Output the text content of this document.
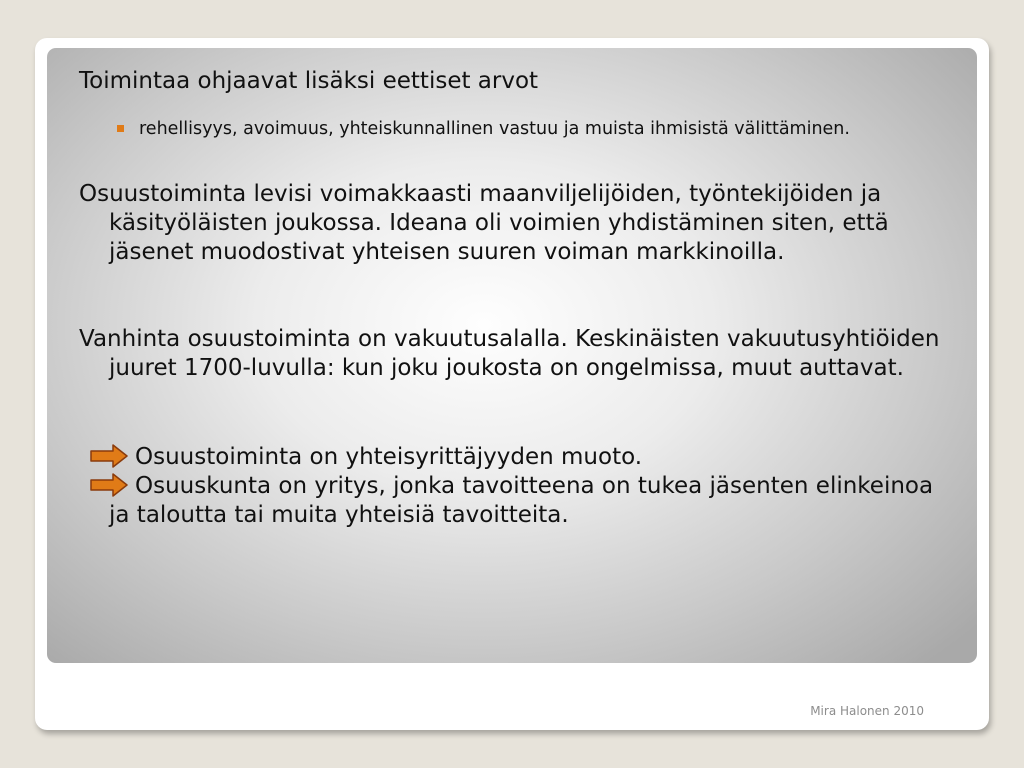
Toimintaa ohjaavat lisäksi eettiset arvot

rehellisyys, avoimuus, yhteiskunnallinen vastuu ja muista ihmisistä välittäminen.

Osuustoiminta levisi voimakkaasti maanviljelijöiden, työntekijöiden ja käsityöläisten joukossa. Ideana oli voimien yhdistäminen siten, että jäsenet muodostivat yhteisen suuren voiman markkinoilla.

Vanhinta osuustoiminta on vakuutusalalla. Keskinäisten vakuutusyhtiöiden juuret 1700-luvulla: kun joku joukosta on ongelmissa, muut auttavat.

Osuustoiminta on yhteisyrittäjyyden muoto.
Osuuskunta on yritys, jonka tavoitteena on tukea jäsenten elinkeinoa ja taloutta tai muita yhteisiä tavoitteita.
Mira Halonen 2010
